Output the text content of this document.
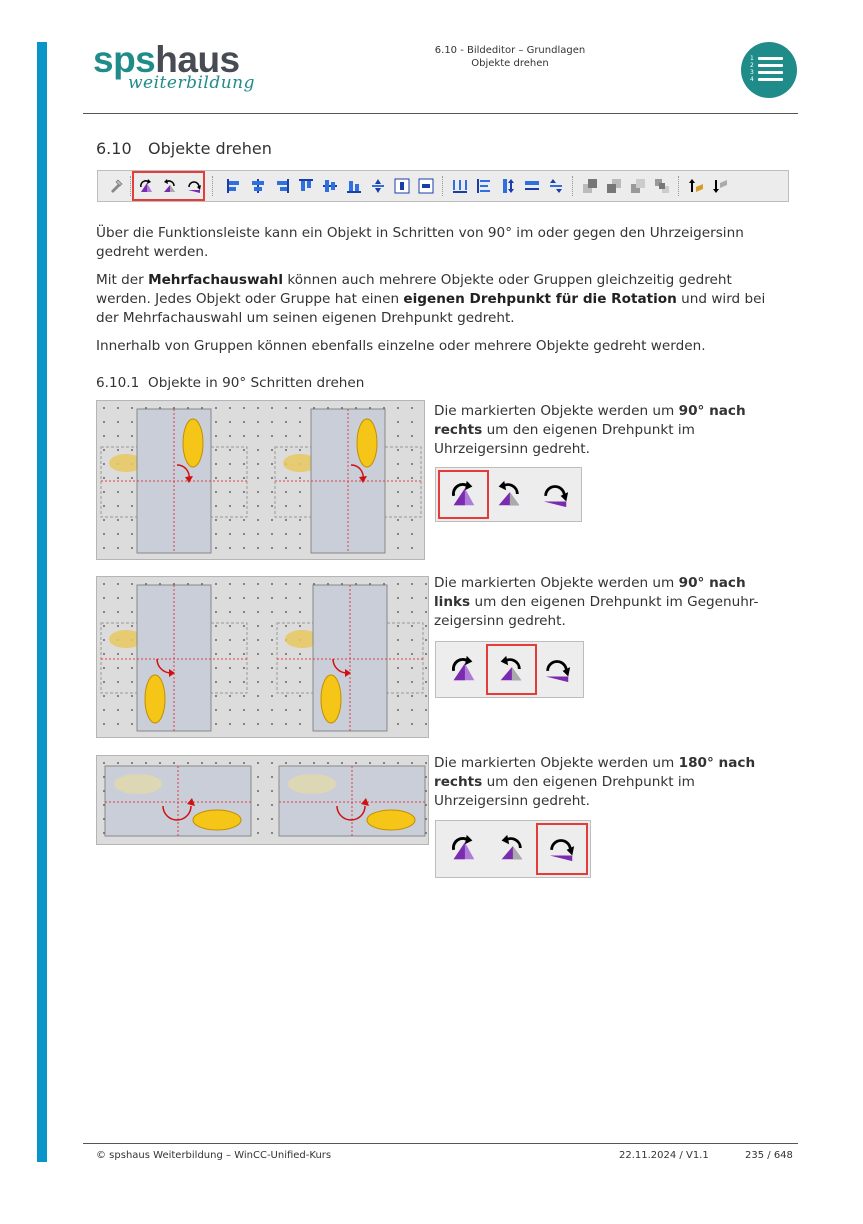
spshaus
weiterbildung
6.10 - Bildeditor – Grundlagen
Objekte drehen	1
2
3
4
6.10 Objekte drehen
Über die Funktionsleiste kann ein Objekt in Schritten von 90° im oder gegen den Uhrzeigersinn gedreht werden.
Mit der Mehrfachauswahl können auch mehrere Objekte oder Gruppen gleichzeitig gedreht werden. Jedes Objekt oder Gruppe hat einen eigenen Drehpunkt für die Rotation und wird bei der Mehrfachauswahl um seinen eigenen Drehpunkt gedreht.
Innerhalb von Gruppen können ebenfalls einzelne oder mehrere Objekte gedreht werden.
6.10.1 Objekte in 90° Schritten drehen
Die markierten Objekte werden um 90° nach rechts um den eigenen Drehpunkt im Uhrzeigersinn gedreht.
Die markierten Objekte werden um 90° nach links um den eigenen Drehpunkt im Gegenuhr-zeigersinn gedreht.
Die markierten Objekte werden um 180° nach rechts um den eigenen Drehpunkt im Uhrzeigersinn gedreht.
© spshaus Weiterbildung – WinCC-Unified-Kurs	22.11.2024 / V1.1	235 / 648
